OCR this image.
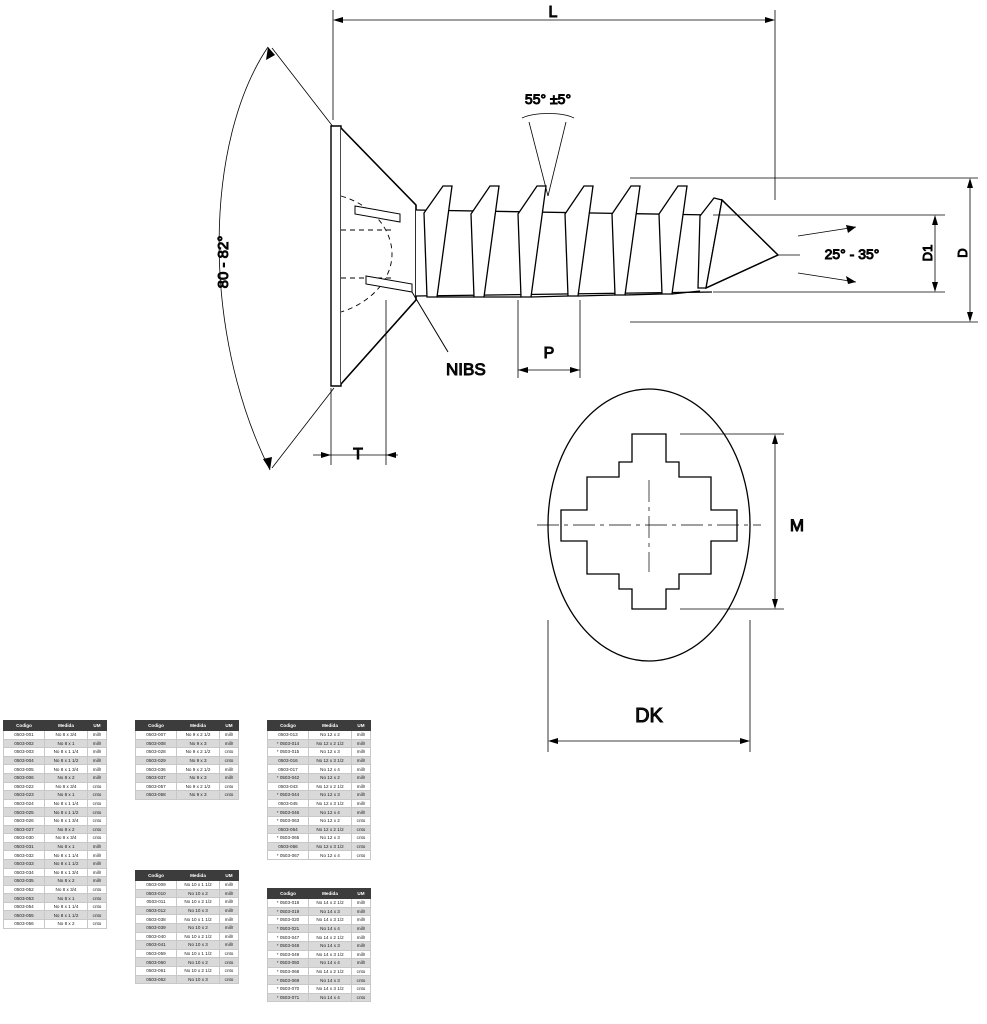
L
80 - 82°
55° ±5°
NIBS
P
T
25° - 35°	D1 D
M
DK
Codigo	Medida	UM
0503-001	No 8 x 3/4	millr
0503-002	No 8 x 1	millr
0503-003	No 8 x 1 1/4	millr
0503-004	No 8 x 1 1/2	millr
0503-005	No 8 x 1 3/4	millr
0503-006	No 8 x 2	millr
0503-022	No 8 x 3/4	cnto
0503-023	No 8 x 1	cnto
0503-024	No 8 x 1 1/4	cnto
0503-025	No 8 x 1 1/2	cnto
0503-026	No 8 x 1 3/4	cnto
0503-027	No 8 x 2	cnto
0503-030	No 8 x 3/4	cnto
0503-031	No 8 x 1	millr
0503-032	No 8 x 1 1/4	millr
0503-033	No 8 x 1 1/2	millr
0503-034	No 8 x 1 3/4	millr
0503-035	No 8 x 2	millr
0503-052	No 8 x 3/4	cnto
0503-053	No 8 x 1	cnto
0503-054	No 8 x 1 1/4	cnto
0503-055	No 8 x 1 1/2	cnto
0503-056	No 8 x 2	cnto
Codigo	Medida	UM
0503-007	No 9 x 2 1/2	millr
0503-008	No 9 x 3	millr
0503-028	No 9 x 2 1/2	cnto
0503-029	No 9 x 3	cnto
0503-036	No 9 x 2 1/2	millr
0503-037	No 9 x 3	millr
0503-057	No 9 x 2 1/2	cnto
0503-058	No 9 x 3	cnto
Codigo	Medida	UM
0503-009	No 10 x 1 1/2	millr
0503-010	No 10 x 2	millr
0503-011	No 10 x 2 1/2	millr
0503-012	No 10 x 3	millr
0503-038	No 10 x 1 1/2	millr
0503-039	No 10 x 2	millr
0503-040	No 10 x 2 1/2	millr
0503-041	No 10 x 3	millr
0503-059	No 10 x 1 1/2	cnto
0503-060	No 10 x 2	cnto
0503-061	No 10 x 2 1/2	cnto
0503-062	No 10 x 3	cnto
Codigo	Medida	UM
0503-013	No 12 x 2	millr
* 0503-014	No 12 x 2 1/2	millr
* 0503-015	No 12 x 3	millr
0503-016	No 12 x 3 1/2	millr
0503-017	No 12 x 4	millr
* 0503-042	No 12 x 2	millr
0503-043	No 12 x 2 1/2	millr
* 0503-044	No 12 x 3	millr
0503-045	No 12 x 3 1/2	millr
* 0503-046	No 12 x 4	millr
* 0503-063	No 12 x 2	cnto
0503-064	No 12 x 2 1/2	cnto
* 0503-065	No 12 x 3	cnto
0503-066	No 12 x 3 1/2	cnto
* 0503-067	No 12 x 4	cnto
Codigo	Medida	UM
* 0503-018	No 14 x 2 1/2	millr
* 0503-019	No 14 x 3	millr
* 0503-020	No 14 x 3 1/2	millr
* 0503-021	No 14 x 4	millr
* 0503-047	No 14 x 2 1/2	millr
* 0503-048	No 14 x 3	millr
* 0503-049	No 14 x 3 1/2	millr
* 0503-050	No 14 x 4	millr
* 0503-068	No 14 x 2 1/2	cnto
* 0503-069	No 14 x 3	cnto
* 0503-070	No 14 x 3 1/2	cnto
* 0503-071	No 14 x 4	cnto
